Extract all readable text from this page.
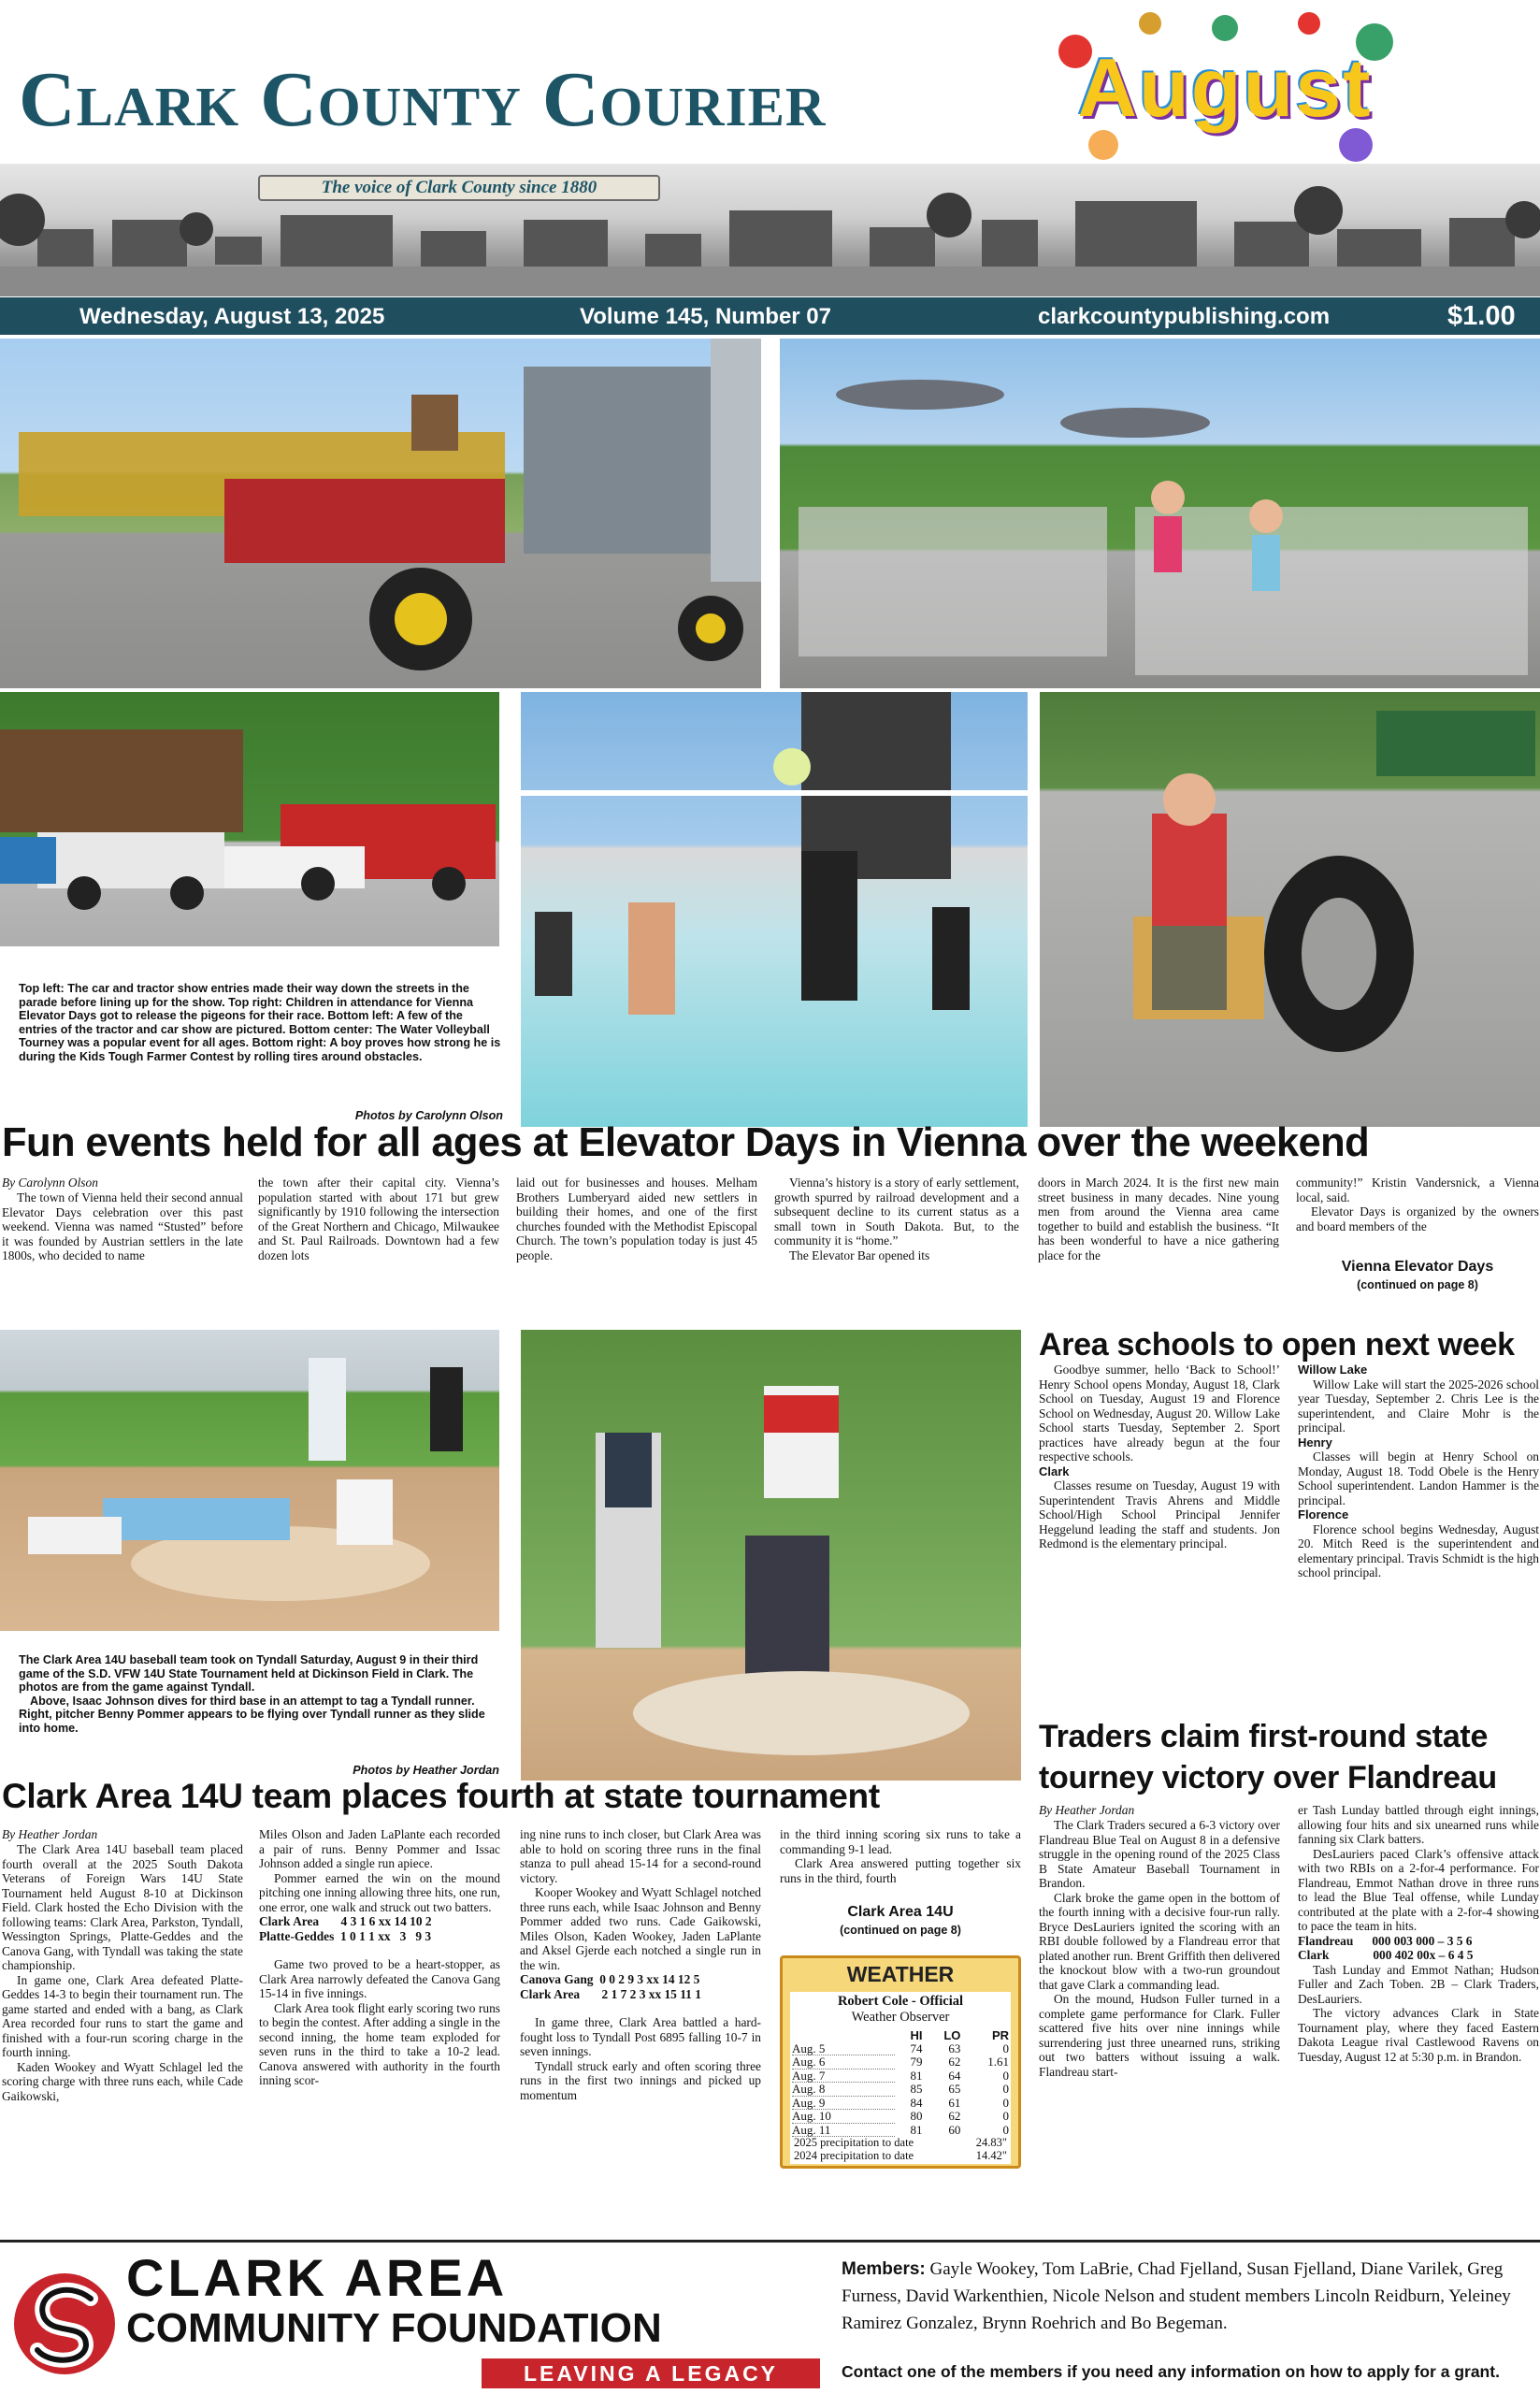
Clark County Courier
The voice of Clark County since 1880
August
Wednesday, August 13, 2025	Volume 145, Number 07	clarkcountypublishing.com	$1.00
Top left: The car and tractor show entries made their way down the streets in the parade before lining up for the show. Top right: Children in attendance for Vienna Elevator Days got to release the pigeons for their race. Bottom left: A few of the entries of the tractor and car show are pictured. Bottom center: The Water Volleyball Tourney was a popular event for all ages. Bottom right: A boy proves how strong he is during the Kids Tough Farmer Contest by rolling tires around obstacles.
Photos by Carolynn Olson
Fun events held for all ages at Elevator Days in Vienna over the weekend
By Carolynn Olson

The town of Vienna held their second annual Elevator Days celebration over this past weekend. Vienna was named “Stusted” before it was founded by Austrian settlers in the late 1800s, who decided to name

the town after their capital city. Vienna’s population started with about 171 but grew significantly by 1910 following the intersection of the Great Northern and Chicago, Milwaukee and St. Paul Railroads. Downtown had a few dozen lots

laid out for businesses and houses. Melham Brothers Lumberyard aided new settlers in building their homes, and one of the first churches founded with the Methodist Episcopal Church. The town’s population today is just 45 people.

Vienna’s history is a story of early settlement, growth spurred by railroad development and a subsequent decline to its current status as a small town in South Dakota. But, to the community it is “home.”

The Elevator Bar opened its

doors in March 2024. It is the first new main street business in many decades. Nine young men from around the Vienna area came together to build and establish the business. “It has been wonderful to have a nice gathering place for the

community!” Kristin Vandersnick, a Vienna local, said.

Elevator Days is organized by the owners and board members of the

Vienna Elevator Days
(continued on page 8)
The Clark Area 14U baseball team took on Tyndall Saturday, August 9 in their third game of the S.D. VFW 14U State Tournament held at Dickinson Field in Clark. The photos are from the game against Tyndall.
Above, Isaac Johnson dives for third base in an attempt to tag a Tyndall runner. Right, pitcher Benny Pommer appears to be flying over Tyndall runner as they slide into home.
Photos by Heather Jordan
Clark Area 14U team places fourth at state tournament
By Heather Jordan

The Clark Area 14U baseball team placed fourth overall at the 2025 South Dakota Veterans of Foreign Wars 14U State Tournament held August 8-10 at Dickinson Field. Clark hosted the Echo Division with the following teams: Clark Area, Parkston, Tyndall, Wessington Springs, Platte-Geddes and the Canova Gang, with Tyndall was taking the state championship.

In game one, Clark Area defeated Platte-Geddes 14-3 to begin their tournament run. The game started and ended with a bang, as Clark Area recorded four runs to start the game and finished with a four-run scoring charge in the fourth inning.

Kaden Wookey and Wyatt Schlagel led the scoring charge with three runs each, while Cade Gaikowski,

Miles Olson and Jaden LaPlante each recorded a pair of runs. Benny Pommer and Issac Johnson added a single run apiece.

Pommer earned the win on the mound pitching one inning allowing three hits, one run, one error, one walk and struck out two batters.

Clark Area       4 3 1 6 xx 14 10 2
Platte-Geddes  1 0 1 1 xx   3   9 3

Game two proved to be a heart-stopper, as Clark Area narrowly defeated the Canova Gang 15-14 in five innings.

Clark Area took flight early scoring two runs to begin the contest. After adding a single in the second inning, the home team exploded for seven runs in the third to take a 10-2 lead. Canova answered with authority in the fourth inning scor-

ing nine runs to inch closer, but Clark Area was able to hold on scoring three runs in the final stanza to pull ahead 15-14 for a second-round victory.

Kooper Wookey and Wyatt Schlagel notched three runs each, while Isaac Johnson and Benny Pommer added two runs. Cade Gaikowski, Miles Olson, Kaden Wookey, Jaden LaPlante and Aksel Gjerde each notched a single run in the win.

Canova Gang  0 0 2 9 3 xx 14 12 5
Clark Area       2 1 7 2 3 xx 15 11 1

In game three, Clark Area battled a hard-fought loss to Tyndall Post 6895 falling 10-7 in seven innings.

Tyndall struck early and often scoring three runs in the first two innings and picked up momentum

in the third inning scoring six runs to take a commanding 9-1 lead.

Clark Area answered putting together six runs in the third, fourth

Clark Area 14U
(continued on page 8)
WEATHER
Robert Cole - Official
Weather Observer
	HI	LO	PR
Aug. 5	74	63	0
Aug. 6	79	62	1.61
Aug. 7	81	64	0
Aug. 8	85	65	0
Aug. 9	84	61	0
Aug. 10	80	62	0
Aug. 11	81	60	0
2025 precipitation to date	24.83"
2024 precipitation to date	14.42"
Area schools to open next week

Goodbye summer, hello ‘Back to School!’ Henry School opens Monday, August 18, Clark School on Tuesday, August 19 and Florence School on Wednesday, August 20. Willow Lake School starts Tuesday, September 2. Sport practices have already begun at the four respective schools.

Clark

Classes resume on Tuesday, August 19 with Superintendent Travis Ahrens and Middle School/High School Principal Jennifer Heggelund leading the staff and students. Jon Redmond is the elementary principal.

Willow Lake

Willow Lake will start the 2025-2026 school year Tuesday, September 2. Chris Lee is the superintendent, and Claire Mohr is the principal.

Henry

Classes will begin at Henry School on Monday, August 18. Todd Obele is the Henry School superintendent. Landon Hammer is the principal.

Florence

Florence school begins Wednesday, August 20. Mitch Reed is the superintendent and elementary principal. Travis Schmidt is the high school principal.

Traders claim first-round state
tourney victory over Flandreau
By Heather Jordan

The Clark Traders secured a 6-3 victory over Flandreau Blue Teal on August 8 in a defensive struggle in the opening round of the 2025 Class B State Amateur Baseball Tournament in Brandon.

Clark broke the game open in the bottom of the fourth inning with a decisive four-run rally. Bryce DesLauriers ignited the scoring with an RBI double followed by a Flandreau error that plated another run. Brent Griffith then delivered the knockout blow with a two-run groundout that gave Clark a commanding lead.

On the mound, Hudson Fuller turned in a complete game performance for Clark. Fuller scattered five hits over nine innings while surrendering just three unearned runs, striking out two batters without issuing a walk. Flandreau start-

er Tash Lunday battled through eight innings, allowing four hits and six unearned runs while fanning six Clark batters.

DesLauriers paced Clark’s offensive attack with two RBIs on a 2-for-4 performance. For Flandreau, Emmot Nathan drove in three runs to lead the Blue Teal offense, while Lunday contributed at the plate with a 2-for-4 showing to pace the team in hits.

Flandreau      000 003 000 – 3 5 6
Clark              000 402 00x – 6 4 5

Tash Lunday and Emmot Nathan; Hudson Fuller and Zach Toben. 2B – Clark Traders, DesLauriers.

The victory advances Clark in State Tournament play, where they faced Eastern Dakota League rival Castlewood Ravens on Tuesday, August 12 at 5:30 p.m. in Brandon.

CLARK AREA
COMMUNITY FOUNDATION
LEAVING A LEGACY
Members: Gayle Wookey, Tom LaBrie, Chad Fjelland, Susan Fjelland, Diane Varilek, Greg Furness, David Warkenthien, Nicole Nelson and student members Lincoln Reidburn, Yeleiney Ramirez Gonzalez, Brynn Roehrich and Bo Begeman.
Contact one of the members if you need any information on how to apply for a grant.
